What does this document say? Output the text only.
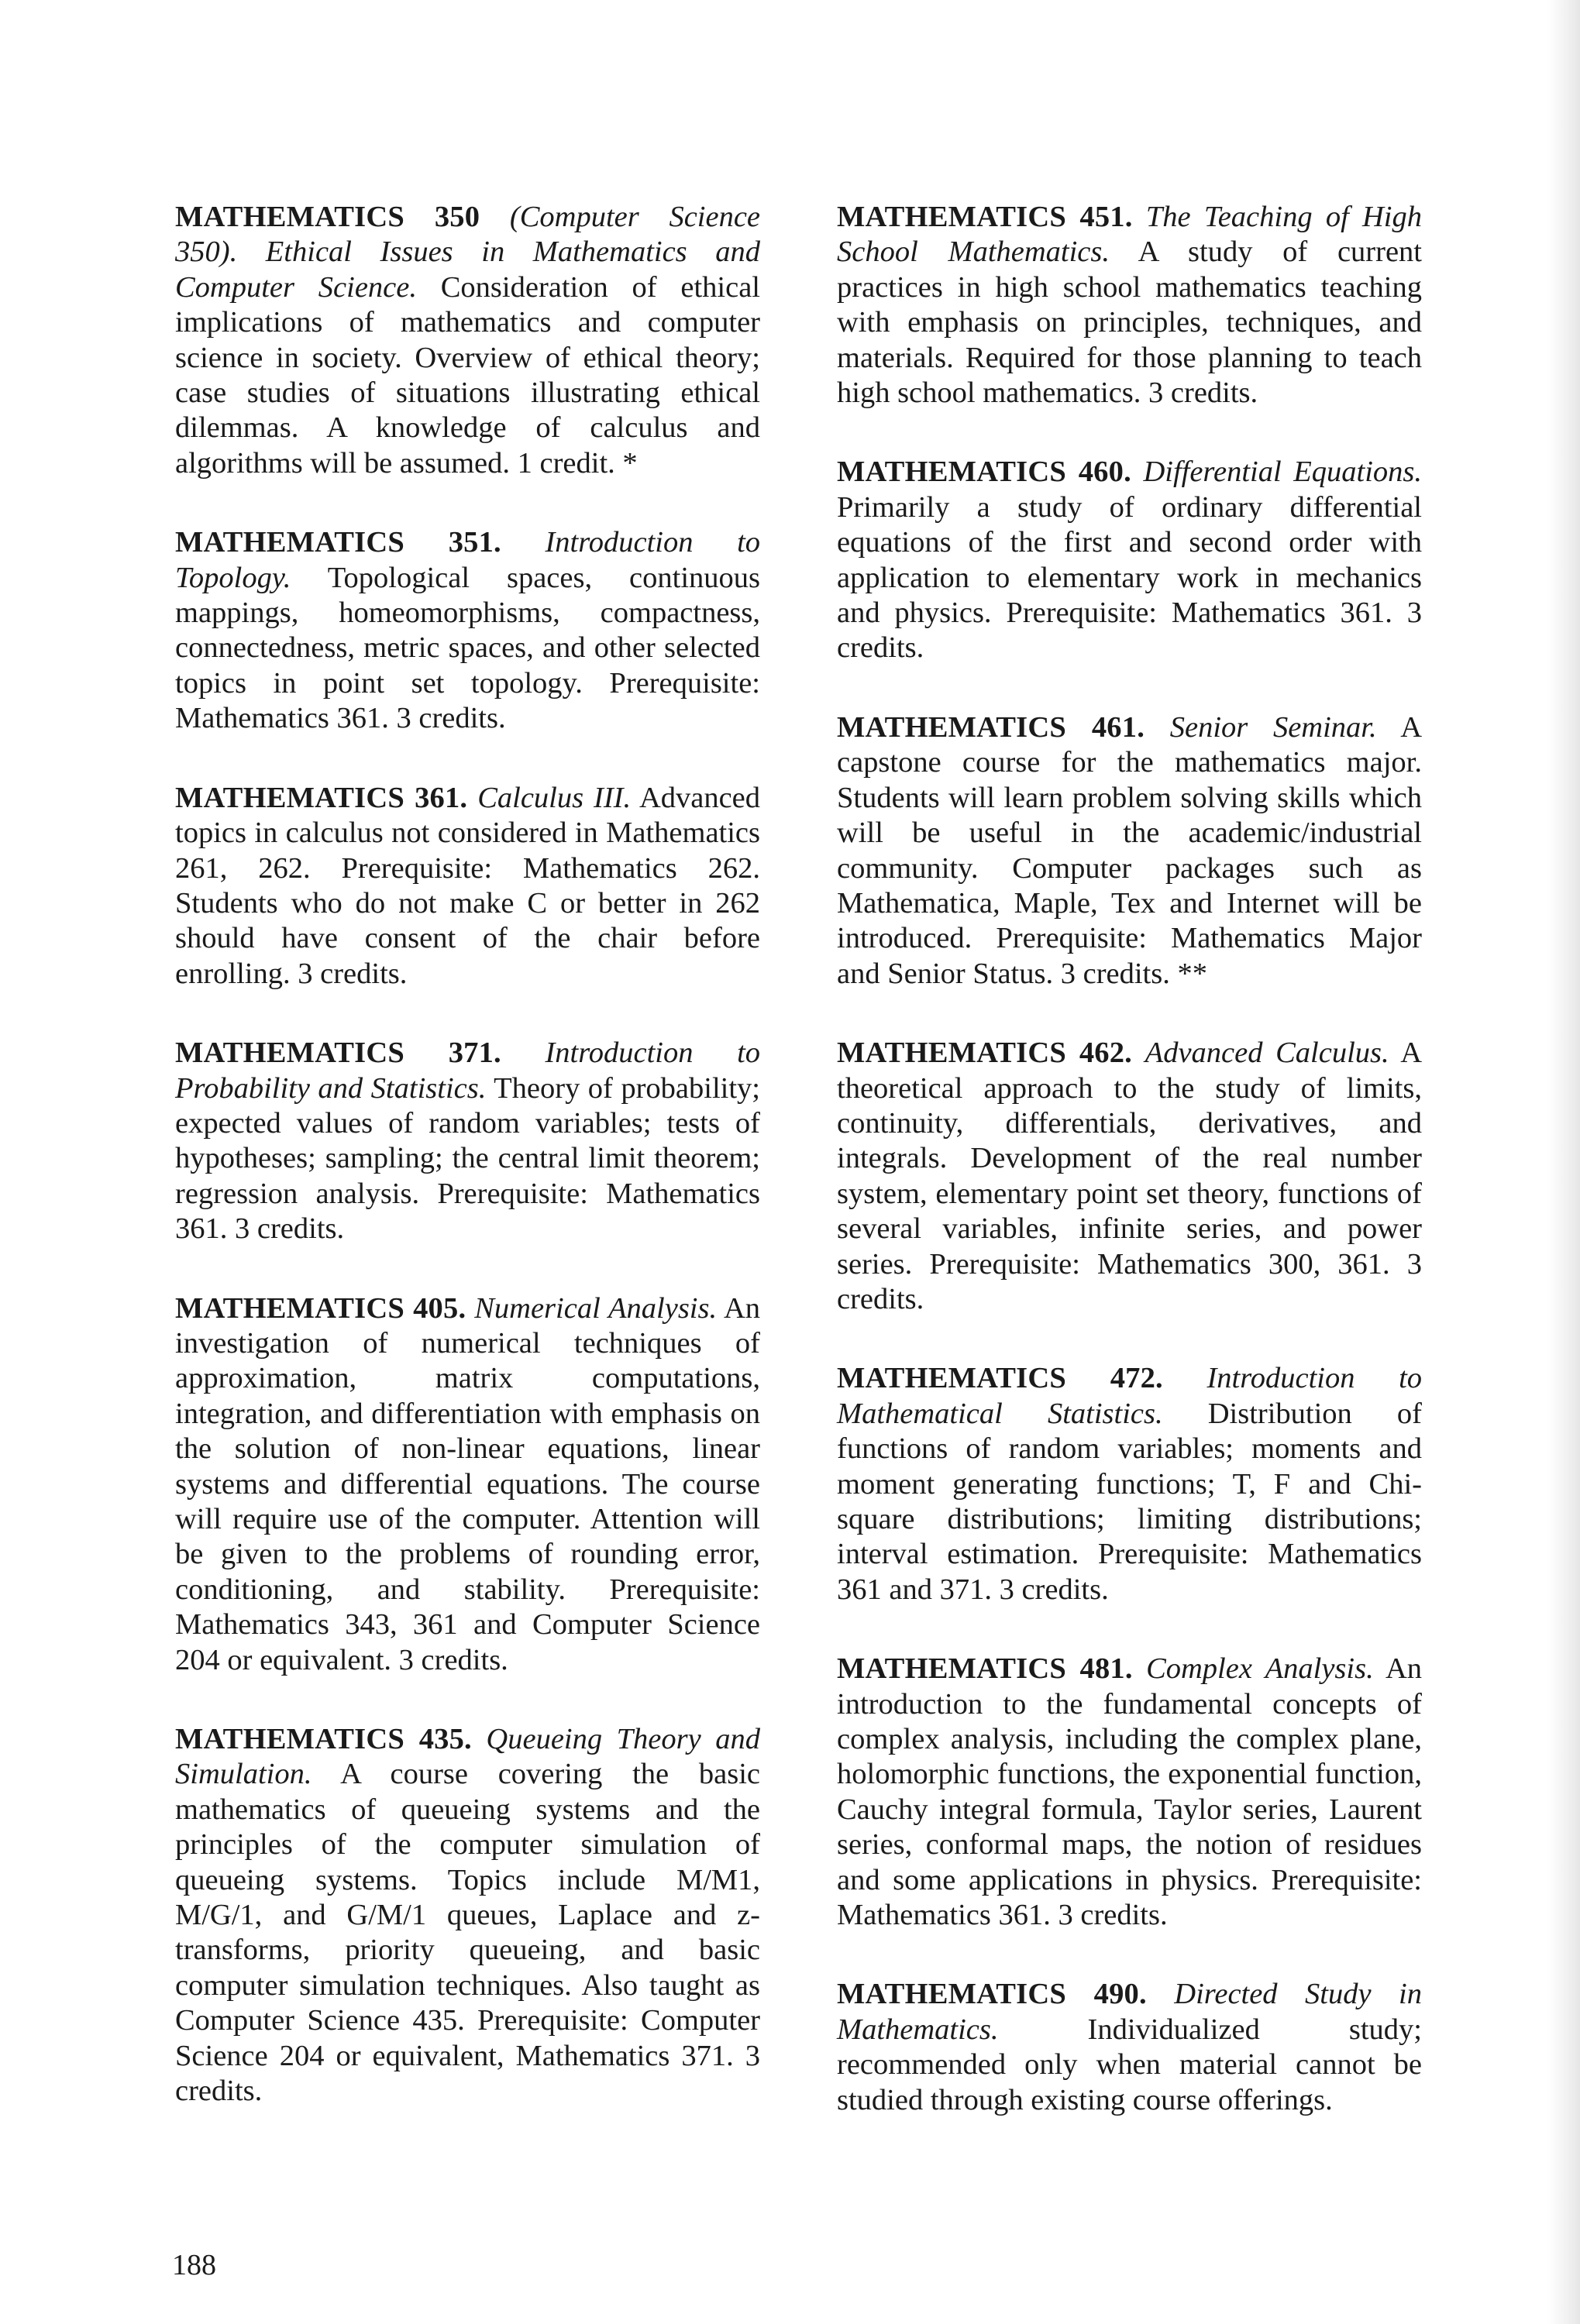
MATHEMATICS 350 (Computer Science 350). Ethical Issues in Mathematics and Computer Science. Consideration of ethical implications of mathematics and computer science in society. Overview of ethical theory; case studies of situations illustrating ethical dilemmas. A knowledge of calculus and algorithms will be assumed. 1 credit. *

MATHEMATICS 351. Introduction to Topology. Topological spaces, continuous mappings, homeomorphisms, compactness, connectedness, metric spaces, and other selected topics in point set topology. Prerequisite: Mathematics 361. 3 credits.

MATHEMATICS 361. Calculus III. Advanced topics in calculus not considered in Mathematics 261, 262. Prerequisite: Mathematics 262. Students who do not make C or better in 262 should have consent of the chair before enrolling. 3 credits.

MATHEMATICS 371. Introduction to Probability and Statistics. Theory of probability; expected values of random variables; tests of hypotheses; sampling; the central limit theorem; regression analysis. Prerequisite: Mathematics 361. 3 credits.

MATHEMATICS 405. Numerical Analysis. An investigation of numerical techniques of approximation, matrix computations, integration, and differentiation with emphasis on the solution of non-linear equations, linear systems and differential equations. The course will require use of the computer. Attention will be given to the problems of rounding error, conditioning, and stability. Prerequisite: Mathematics 343, 361 and Computer Science 204 or equivalent. 3 credits.

MATHEMATICS 435. Queueing Theory and Simulation. A course covering the basic mathematics of queueing systems and the principles of the computer simulation of queueing systems. Topics include M/M1, M/G/1, and G/M/1 queues, Laplace and z-transforms, priority queueing, and basic computer simulation techniques. Also taught as Computer Science 435. Prerequisite: Computer Science 204 or equivalent, Mathematics 371. 3 credits.

MATHEMATICS 451. The Teaching of High School Mathematics. A study of current practices in high school mathematics teaching with emphasis on principles, techniques, and materials. Required for those planning to teach high school mathematics. 3 credits.

MATHEMATICS 460. Differential Equations. Primarily a study of ordinary differential equations of the first and second order with application to elementary work in mechanics and physics. Prerequisite: Mathematics 361. 3 credits.

MATHEMATICS 461. Senior Seminar. A capstone course for the mathematics major. Students will learn problem solving skills which will be useful in the academic/industrial community. Computer packages such as Mathematica, Maple, Tex and Internet will be introduced. Prerequisite: Mathematics Major and Senior Status. 3 credits. **

MATHEMATICS 462. Advanced Calculus. A theoretical approach to the study of limits, continuity, differentials, derivatives, and integrals. Development of the real number system, elementary point set theory, functions of several variables, infinite series, and power series. Prerequisite: Mathematics 300, 361. 3 credits.

MATHEMATICS 472. Introduction to Mathematical Statistics. Distribution of functions of random variables; moments and moment generating functions; T, F and Chi-square distributions; limiting distributions; interval estimation. Prerequisite: Mathematics 361 and 371. 3 credits.

MATHEMATICS 481. Complex Analysis. An introduction to the fundamental concepts of complex analysis, including the complex plane, holomorphic functions, the exponential function, Cauchy integral formula, Taylor series, Laurent series, conformal maps, the notion of residues and some applications in physics. Prerequisite: Mathematics 361. 3 credits.

MATHEMATICS 490. Directed Study in Mathematics.	Individualized study; recommended only when material cannot be studied through existing course offerings.

188
